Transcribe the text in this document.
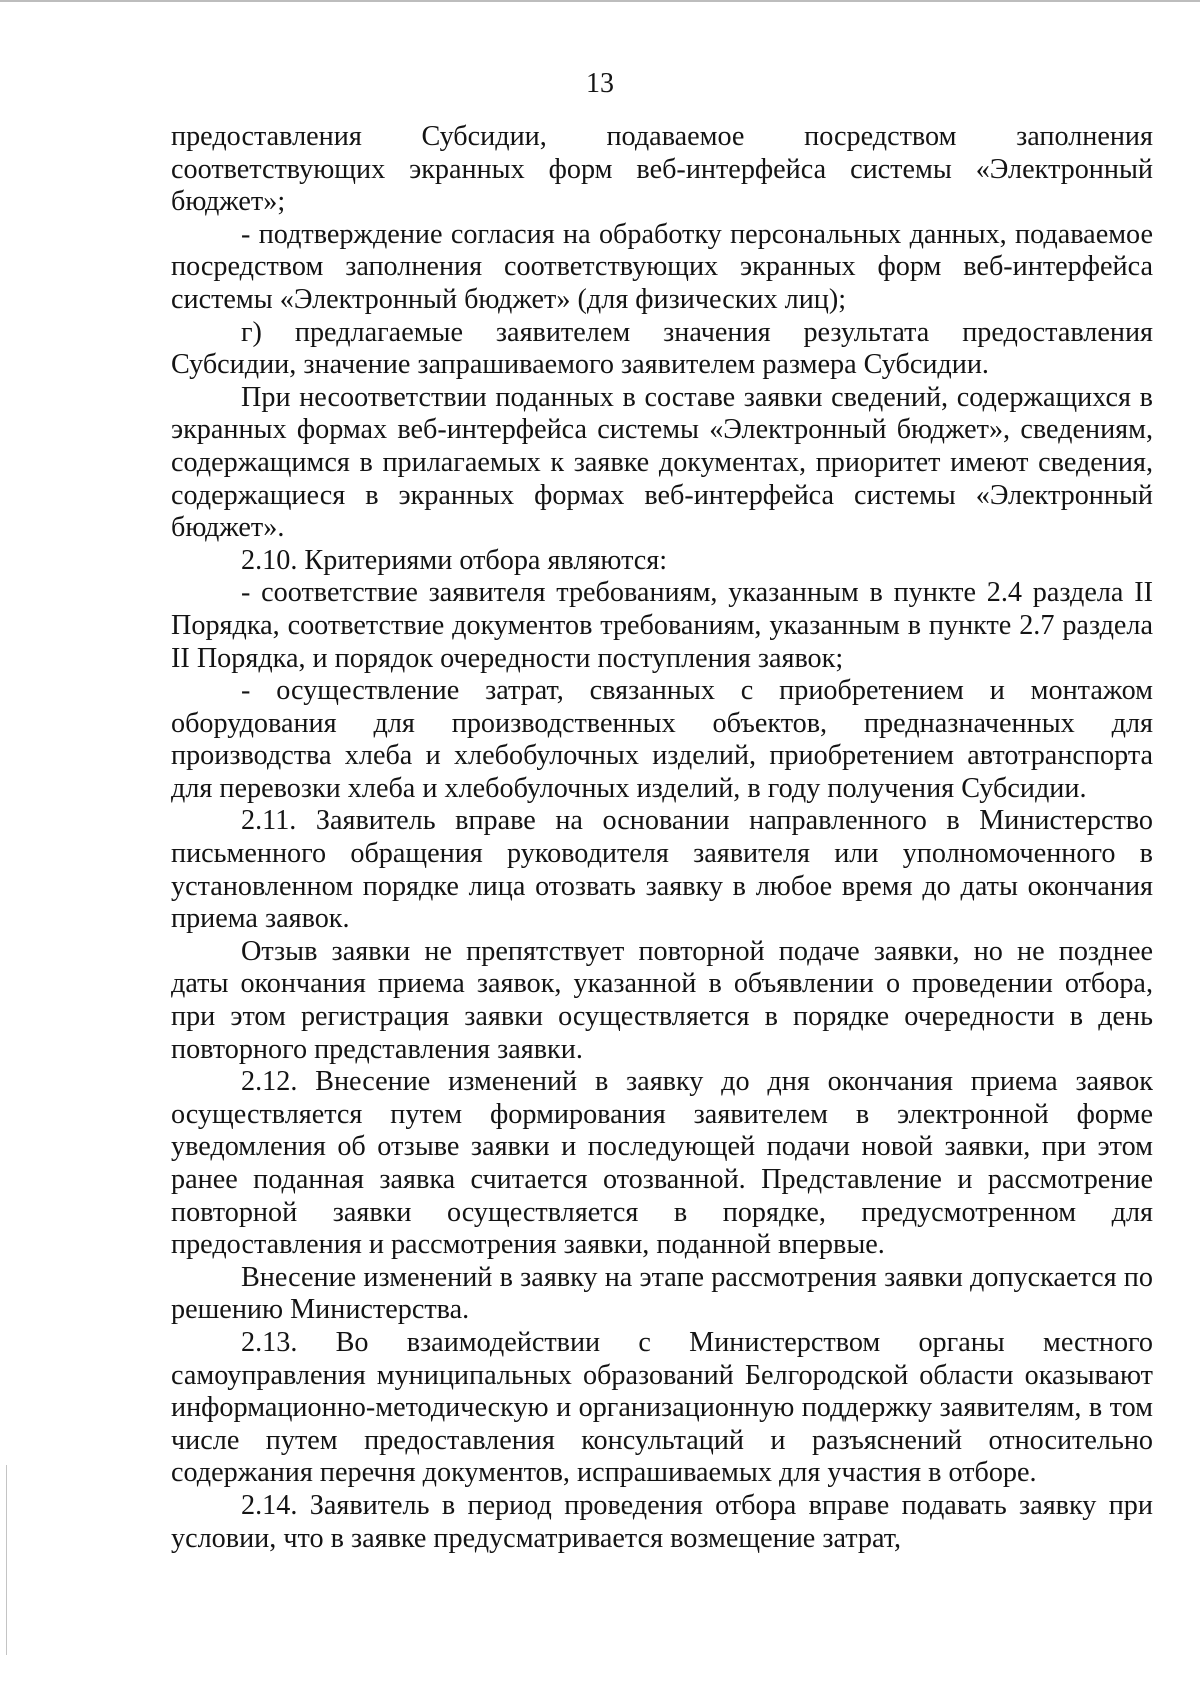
13

предоставления Субсидии, подаваемое посредством заполнения соответствующих экранных форм веб-интерфейса системы «Электронный бюджет»;

- подтверждение согласия на обработку персональных данных, подаваемое посредством заполнения соответствующих экранных форм веб-интерфейса системы «Электронный бюджет» (для физических лиц);

г) предлагаемые заявителем значения результата предоставления Субсидии, значение запрашиваемого заявителем размера Субсидии.

При несоответствии поданных в составе заявки сведений, содержащихся в экранных формах веб-интерфейса системы «Электронный бюджет», сведениям, содержащимся в прилагаемых к заявке документах, приоритет имеют сведения, содержащиеся в экранных формах веб-интерфейса системы «Электронный бюджет».

2.10. Критериями отбора являются:

- соответствие заявителя требованиям, указанным в пункте 2.4 раздела II Порядка, соответствие документов требованиям, указанным в пункте 2.7 раздела II Порядка, и порядок очередности поступления заявок;

- осуществление затрат, связанных с приобретением и монтажом оборудования для производственных объектов, предназначенных для производства хлеба и хлебобулочных изделий, приобретением автотранспорта для перевозки хлеба и хлебобулочных изделий, в году получения Субсидии.

2.11. Заявитель вправе на основании направленного в Министерство письменного обращения руководителя заявителя или уполномоченного в установленном порядке лица отозвать заявку в любое время до даты окончания приема заявок.

Отзыв заявки не препятствует повторной подаче заявки, но не позднее даты окончания приема заявок, указанной в объявлении о проведении отбора, при этом регистрация заявки осуществляется в порядке очередности в день повторного представления заявки.

2.12. Внесение изменений в заявку до дня окончания приема заявок осуществляется путем формирования заявителем в электронной форме уведомления об отзыве заявки и последующей подачи новой заявки, при этом ранее поданная заявка считается отозванной. Представление и рассмотрение повторной заявки осуществляется в порядке, предусмотренном для предоставления и рассмотрения заявки, поданной впервые.

Внесение изменений в заявку на этапе рассмотрения заявки допускается по решению Министерства.

2.13. Во взаимодействии с Министерством органы местного самоуправления муниципальных образований Белгородской области оказывают информационно-методическую и организационную поддержку заявителям, в том числе путем предоставления консультаций и разъяснений относительно содержания перечня документов, испрашиваемых для участия в отборе.

2.14. Заявитель в период проведения отбора вправе подавать заявку при условии, что в заявке предусматривается возмещение затрат,
